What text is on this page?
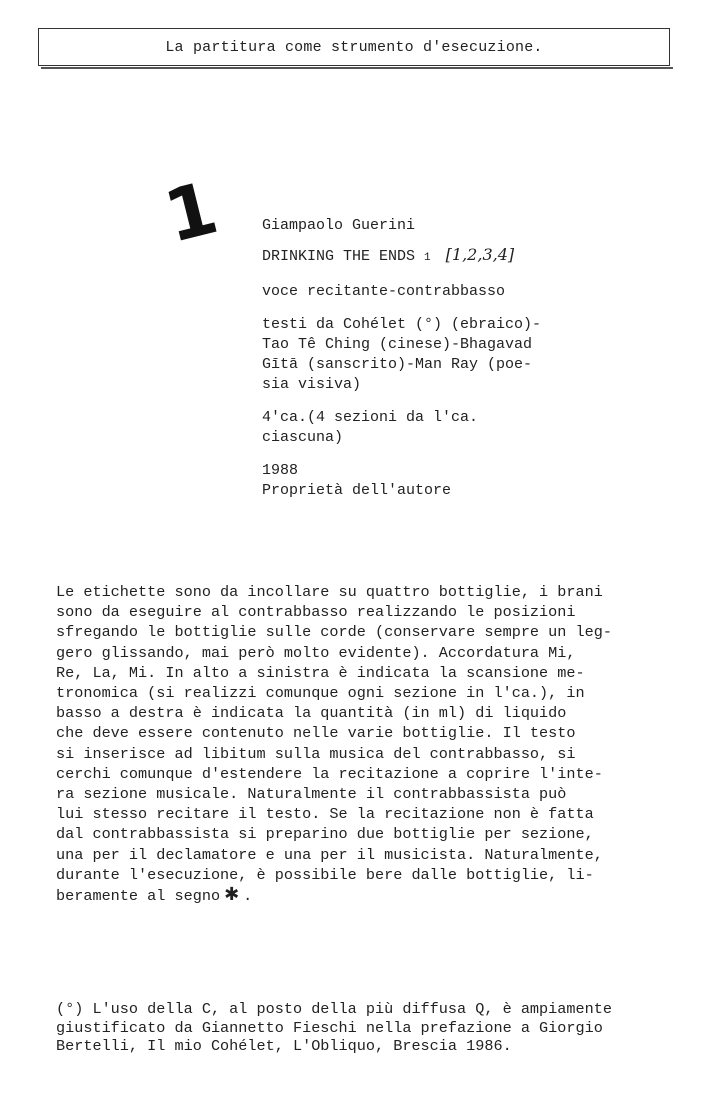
La partitura come strumento d'esecuzione.
1 Giampaolo Guerini

DRINKING THE ENDS 1 [1,2,3,4]

voce recitante-contrabbasso

testi da Cohélet (°) (ebraico)-
Tao Tê Ching (cinese)-Bhagavad
Gītā (sanscrito)-Man Ray (poe-
sia visiva)

4'ca.(4 sezioni da l'ca.
ciascuna)

1988
Proprietà dell'autore

Le etichette sono da incollare su quattro bottiglie, i brani
sono da eseguire al contrabbasso realizzando le posizioni
sfregando le bottiglie sulle corde (conservare sempre un leg-
gero glissando, mai però molto evidente). Accordatura Mi,
Re, La, Mi. In alto a sinistra è indicata la scansione me-
tronomica (si realizzi comunque ogni sezione in l'ca.), in
basso a destra è indicata la quantità (in ml) di liquido
che deve essere contenuto nelle varie bottiglie. Il testo
si inserisce ad libitum sulla musica del contrabbasso, si
cerchi comunque d'estendere la recitazione a coprire l'inte-
ra sezione musicale. Naturalmente il contrabbassista può
lui stesso recitare il testo. Se la recitazione non è fatta
dal contrabbassista si preparino due bottiglie per sezione,
una per il declamatore e una per il musicista. Naturalmente,
durante l'esecuzione, è possibile bere dalle bottiglie, li-
beramente al segno ✱ .
(°) L'uso della C, al posto della più diffusa Q, è ampiamente
giustificato da Giannetto Fieschi nella prefazione a Giorgio
Bertelli, Il mio Cohélet, L'Obliquo, Brescia 1986.
